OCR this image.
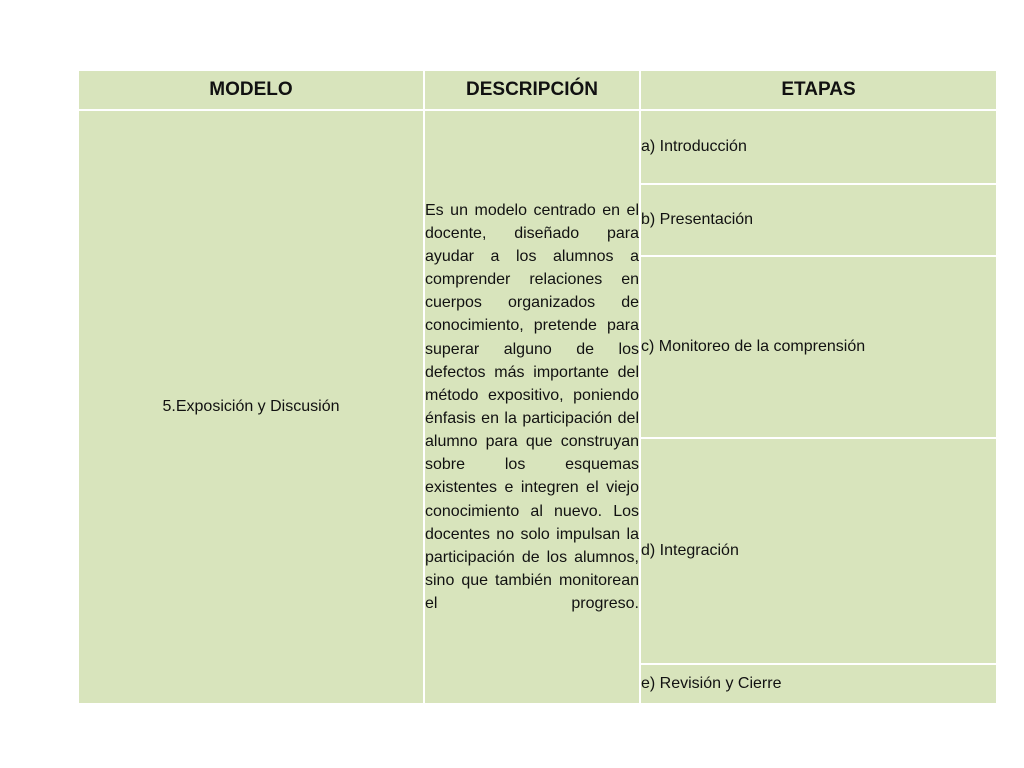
MODELO	DESCRIPCIÓN	ETAPAS
5.Exposición y Discusión	Es un modelo centrado en el docente, diseñado para ayudar a los alumnos a comprender relaciones en cuerpos organizados de conocimiento, pretende para superar alguno de los defectos más importante del método expositivo, poniendo énfasis en la participación del alumno para que construyan sobre los esquemas existentes e integren el viejo conocimiento al nuevo. Los docentes no solo impulsan la participación de los alumnos, sino que también monitorean el progreso.	a) Introducción
		b) Presentación
		c) Monitoreo de la comprensión
		d) Integración
		e) Revisión y Cierre
